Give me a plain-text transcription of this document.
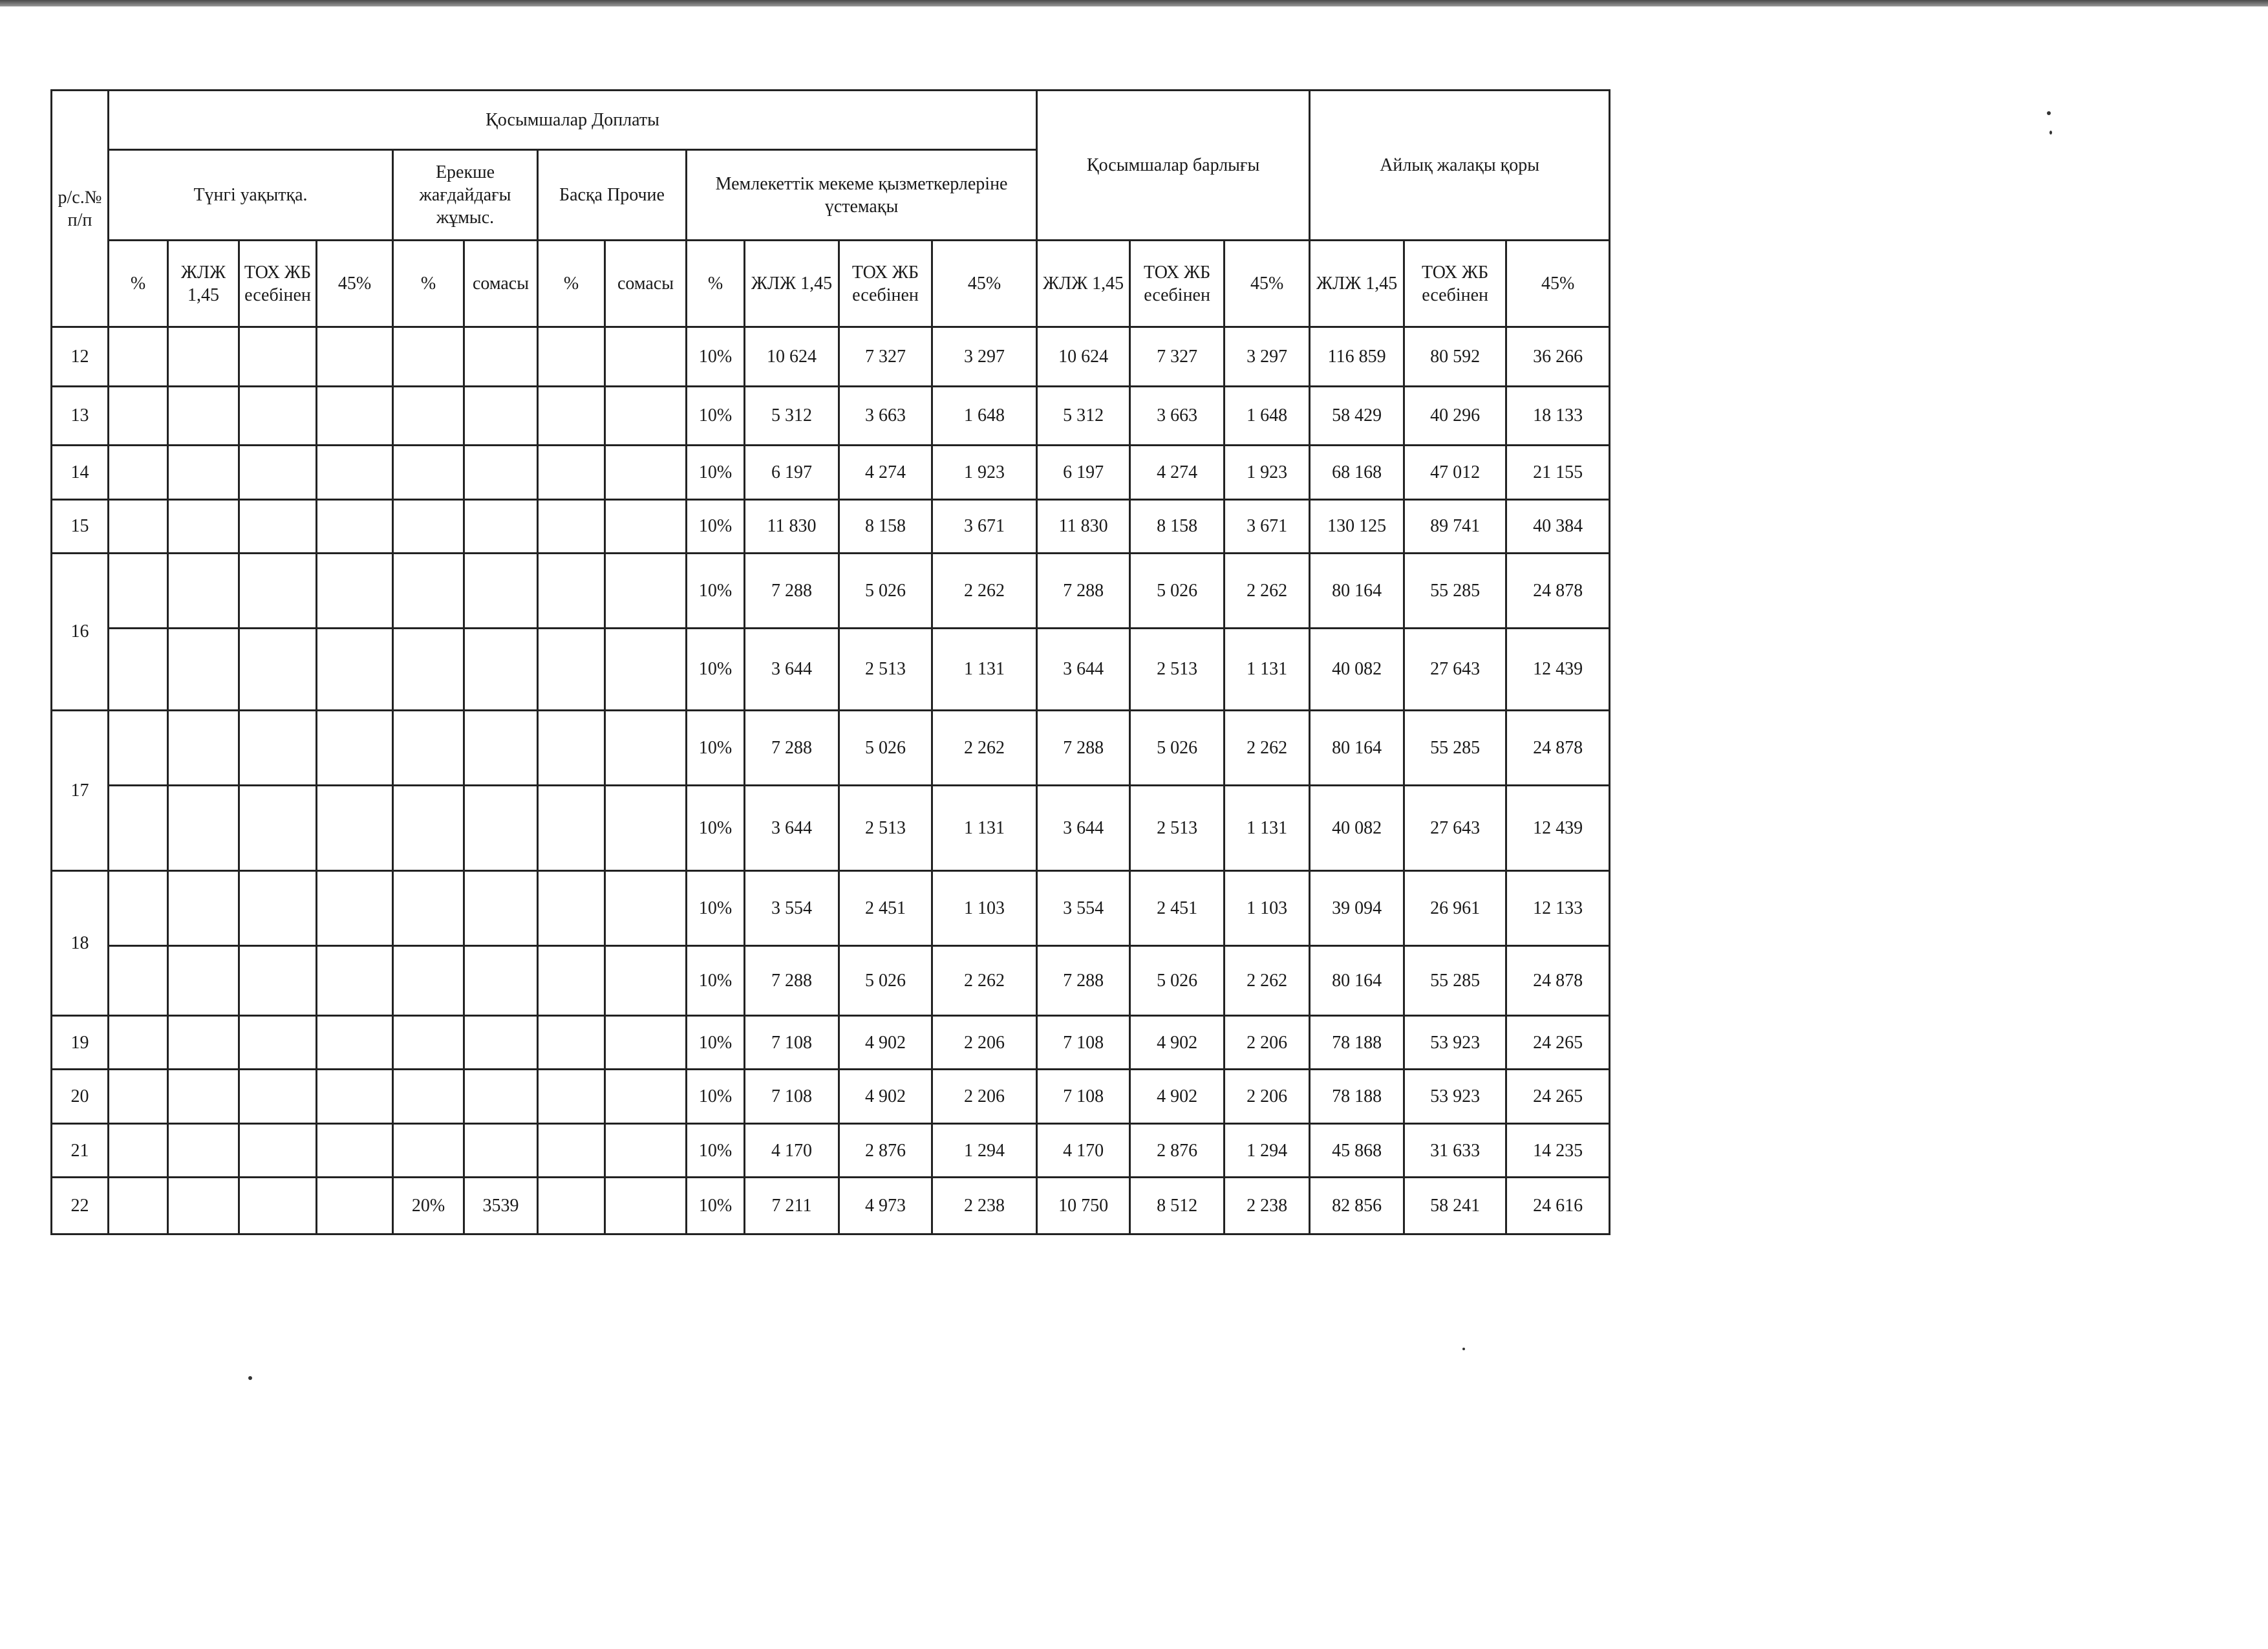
р/с.№ п/п	Қосымшалар Доплаты												Қосымшалар барлығы			Айлық жалақы қоры		
	Түнгі уақытқа.				Ерекше жағдайдағы жұмыс.		Басқа Прочие		Мемлекеттік мекеме қызметкерлеріне үстемақы									
	%	ЖЛЖ 1,45	ТОХ ЖБ есебінен	45%	%	сомасы	%	сомасы	%	ЖЛЖ 1,45	ТОХ ЖБ есебінен	45%	ЖЛЖ 1,45	ТОХ ЖБ есебінен	45%	ЖЛЖ 1,45	ТОХ ЖБ есебінен	45%
12									10%	10 624	7 327	3 297	10 624	7 327	3 297	116 859	80 592	36 266
13									10%	5 312	3 663	1 648	5 312	3 663	1 648	58 429	40 296	18 133
14									10%	6 197	4 274	1 923	6 197	4 274	1 923	68 168	47 012	21 155
15									10%	11 830	8 158	3 671	11 830	8 158	3 671	130 125	89 741	40 384
16									10%	7 288	5 026	2 262	7 288	5 026	2 262	80 164	55 285	24 878
									10%	3 644	2 513	1 131	3 644	2 513	1 131	40 082	27 643	12 439
17									10%	7 288	5 026	2 262	7 288	5 026	2 262	80 164	55 285	24 878
									10%	3 644	2 513	1 131	3 644	2 513	1 131	40 082	27 643	12 439
18									10%	3 554	2 451	1 103	3 554	2 451	1 103	39 094	26 961	12 133
									10%	7 288	5 026	2 262	7 288	5 026	2 262	80 164	55 285	24 878
19									10%	7 108	4 902	2 206	7 108	4 902	2 206	78 188	53 923	24 265
20									10%	7 108	4 902	2 206	7 108	4 902	2 206	78 188	53 923	24 265
21									10%	4 170	2 876	1 294	4 170	2 876	1 294	45 868	31 633	14 235
22					20%	3539			10%	7 211	4 973	2 238	10 750	8 512	2 238	82 856	58 241	24 616
